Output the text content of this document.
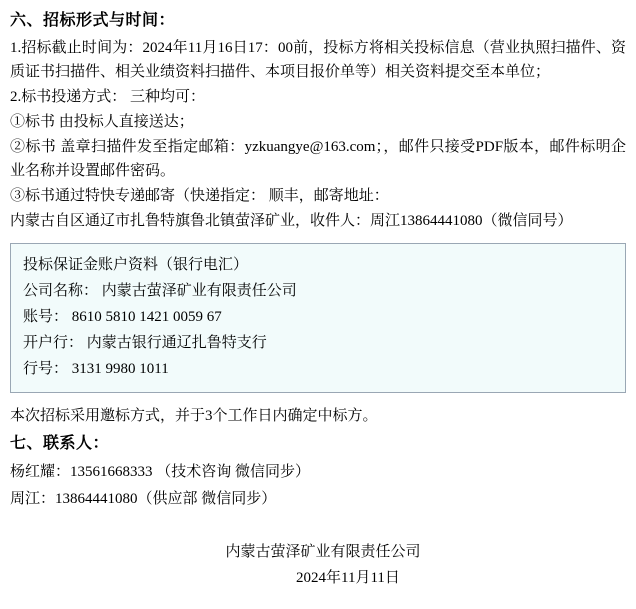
六、招标形式与时间：
1.招标截止时间为：2024年11月16日17：00前，投标方将相关投标信息（营业执照扫描件、资质证书扫描件、相关业绩资料扫描件、本项目报价单等）相关资料提交至本单位；
2.标书投递方式： 三种均可：
①标书 由投标人直接送达；
②标书 盖章扫描件发至指定邮箱：yzkuangye@163.com；，邮件只接受PDF版本，邮件标明企业名称并设置邮件密码。
③标书通过特快专递邮寄（快递指定： 顺丰，邮寄地址：
内蒙古自区通辽市扎鲁特旗鲁北镇萤泽矿业，收件人：周江13864441080（微信同号）
投标保证金账户资料（银行电汇）
公司名称： 内蒙古萤泽矿业有限责任公司
账号： 8610 5810 1421 0059 67
开户行： 内蒙古银行通辽扎鲁特支行
行号： 3131 9980 1011
本次招标采用邀标方式，并于3个工作日内确定中标方。
七、联系人：
杨红耀：13561668333 （技术咨询 微信同步）
周江：13864441080（供应部 微信同步）
内蒙古萤泽矿业有限责任公司
2024年11月11日
